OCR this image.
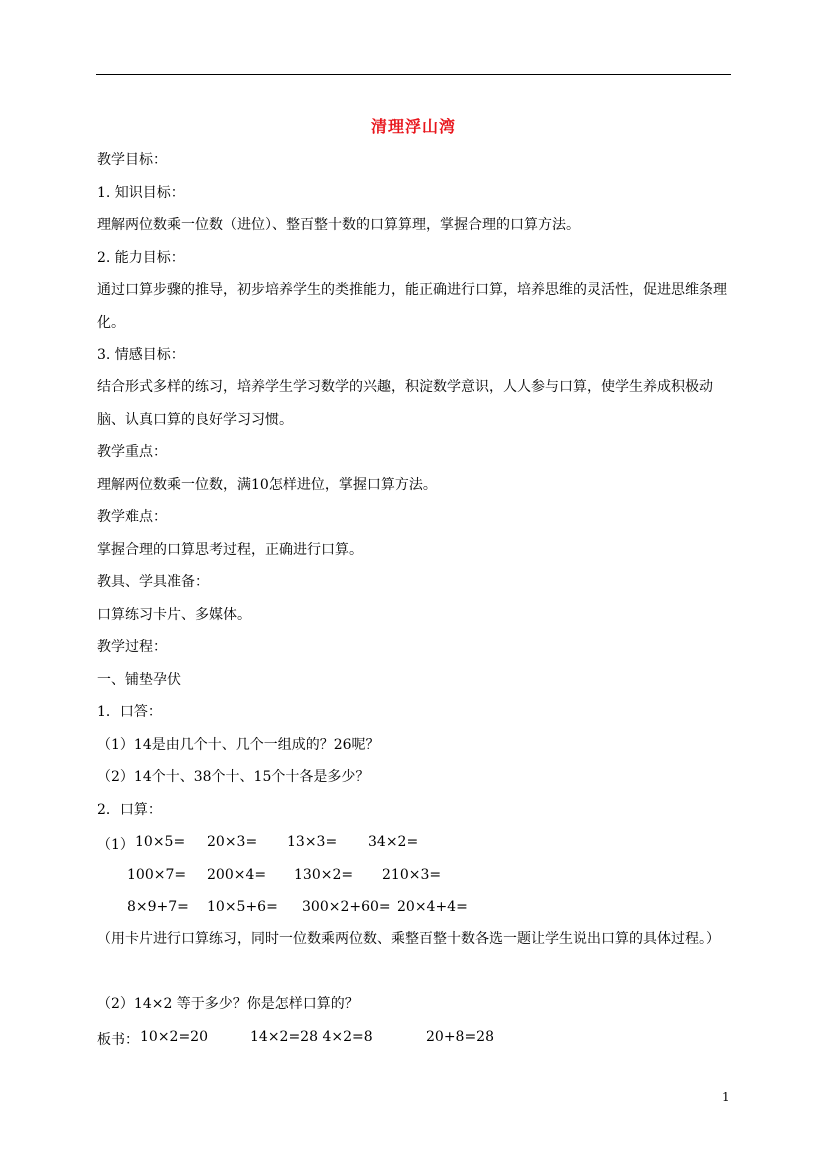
清理浮山湾
教学目标：
1. 知识目标：
理解两位数乘一位数（进位）、整百整十数的口算算理，掌握合理的口算方法。
2. 能力目标：
通过口算步骤的推导，初步培养学生的类推能力，能正确进行口算，培养思维的灵活性，促进思维条理化。
3. 情感目标：
结合形式多样的练习，培养学生学习数学的兴趣，积淀数学意识，人人参与口算，使学生养成积极动脑、认真口算的良好学习习惯。
教学重点：
理解两位数乘一位数，满10怎样进位，掌握口算方法。
教学难点：
掌握合理的口算思考过程，正确进行口算。
教具、学具准备：
口算练习卡片、多媒体。
教学过程：
一、铺垫孕伏
1．口答：
（1）14是由几个十、几个一组成的？26呢？
（2）14个十、38个十、15个十各是多少？
2．口算：
（1） 10×5= 20×3= 13×3= 34×2=
100×7= 200×4= 130×2= 210×3=
8×9+7= 10×5+6= 300×2+60= 20×4+4=
（用卡片进行口算练习，同时一位数乘两位数、乘整百整十数各选一题让学生说出口算的具体过程。）
（2）14×2 等于多少？你是怎样口算的？
板书： 10×2=20	14×2=28 4×2=8	20+8=28
1
